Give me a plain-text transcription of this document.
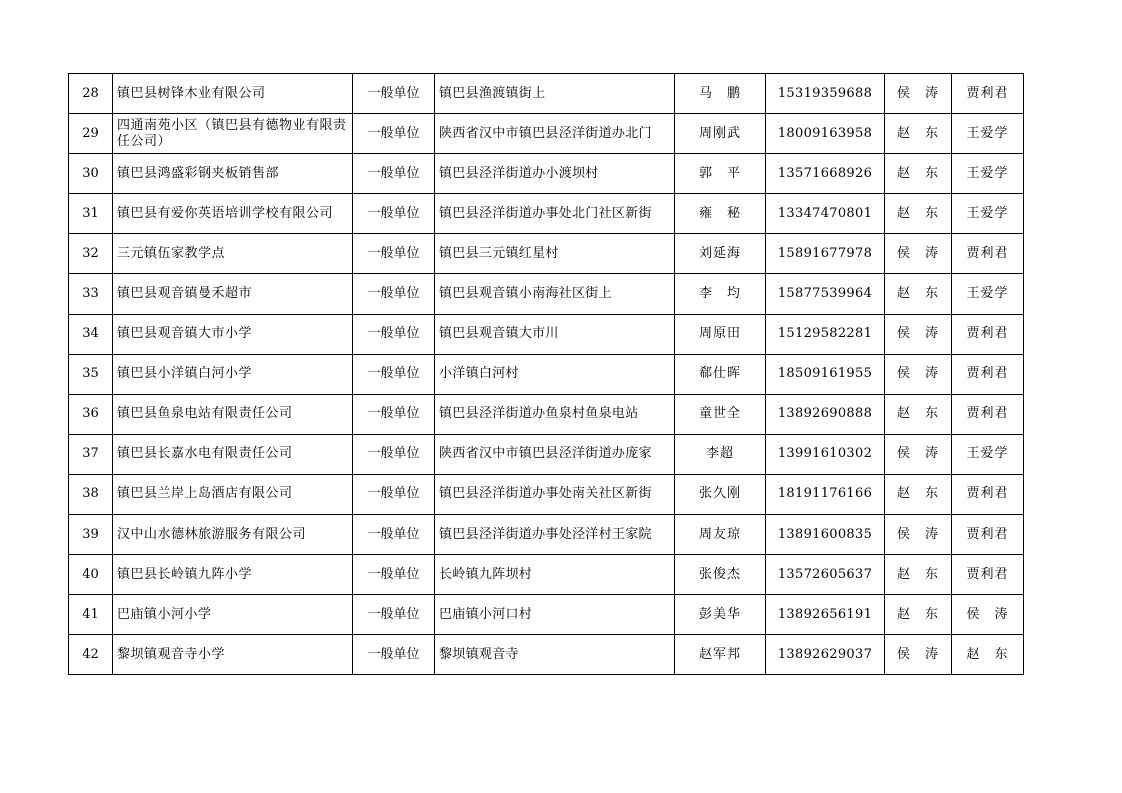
28	镇巴县树锋木业有限公司	一般单位	镇巴县渔渡镇街上	马　鹏	15319359688	侯　涛	贾利君
29	四通南苑小区（镇巴县有德物业有限责任公司）	一般单位	陕西省汉中市镇巴县泾洋街道办北门	周刚武	18009163958	赵　东	王爱学
30	镇巴县鸿盛彩钢夹板销售部	一般单位	镇巴县泾洋街道办小渡坝村	郭　平	13571668926	赵　东	王爱学
31	镇巴县有爱你英语培训学校有限公司	一般单位	镇巴县泾洋街道办事处北门社区新街	雍　秘	13347470801	赵　东	王爱学
32	三元镇伍家教学点	一般单位	镇巴县三元镇红星村	刘延海	15891677978	侯　涛	贾利君
33	镇巴县观音镇曼禾超市	一般单位	镇巴县观音镇小南海社区街上	李　均	15877539964	赵　东	王爱学
34	镇巴县观音镇大市小学	一般单位	镇巴县观音镇大市川	周原田	15129582281	侯　涛	贾利君
35	镇巴县小洋镇白河小学	一般单位	小洋镇白河村	郗仕晖	18509161955	侯　涛	贾利君
36	镇巴县鱼泉电站有限责任公司	一般单位	镇巴县泾洋街道办鱼泉村鱼泉电站	童世全	13892690888	赵　东	贾利君
37	镇巴县长嘉水电有限责任公司	一般单位	陕西省汉中市镇巴县泾洋街道办庞家	李超	13991610302	侯　涛	王爱学
38	镇巴县兰岸上岛酒店有限公司	一般单位	镇巴县泾洋街道办事处南关社区新街	张久刚	18191176166	赵　东	贾利君
39	汉中山水德林旅游服务有限公司	一般单位	镇巴县泾洋街道办事处泾洋村王家院	周友琼	13891600835	侯　涛	贾利君
40	镇巴县长岭镇九阵小学	一般单位	长岭镇九阵坝村	张俊杰	13572605637	赵　东	贾利君
41	巴庙镇小河小学	一般单位	巴庙镇小河口村	彭美华	13892656191	赵　东	侯　涛
42	黎坝镇观音寺小学	一般单位	黎坝镇观音寺	赵军邦	13892629037	侯　涛	赵　东
